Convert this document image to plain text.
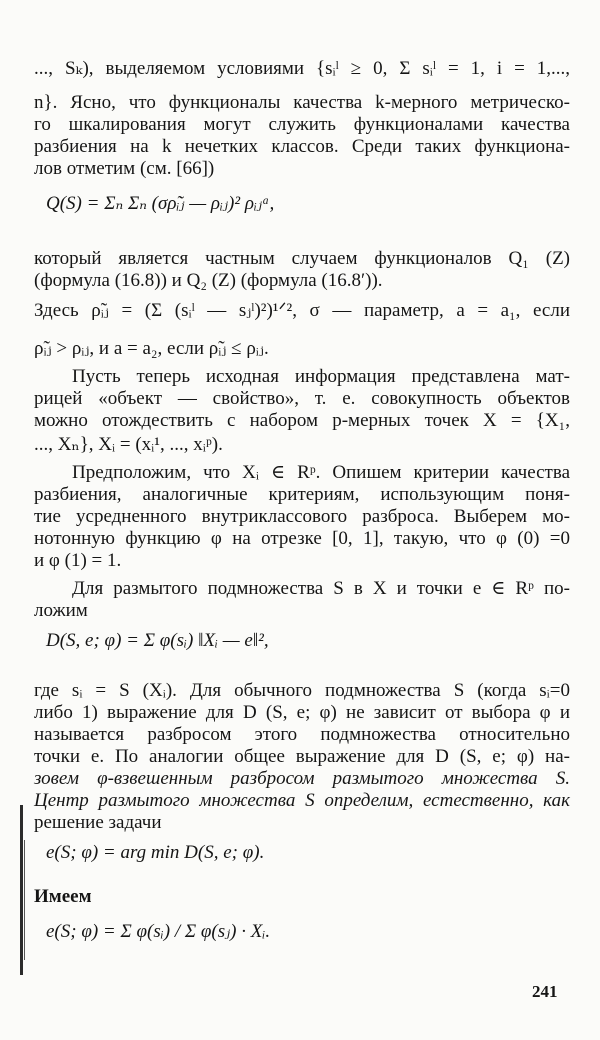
..., Sₖ), выделяемом условиями {sᵢˡ ≥ 0, Σ sᵢˡ = 1, i = 1,...,
n}. Ясно, что функционалы качества k-мерного метрическо-
го шкалирования могут служить функционалами качества
разбиения на k нечетких классов. Среди таких функциона-
лов отметим (см. [66])
Q(S) = Σₙ Σₙ (σρ̃ᵢⱼ — ρᵢⱼ)² ρᵢⱼᵃ,
который является частным случаем функционалов Q₁ (Z)
(формула (16.8)) и Q₂ (Z) (формула (16.8′)).
Здесь ρ̃ᵢⱼ = (Σ (sᵢˡ — sⱼˡ)²)¹ᐟ², σ — параметр, a = a₁, если
ρ̃ᵢⱼ > ρᵢⱼ, и a = a₂, если ρ̃ᵢⱼ ≤ ρᵢⱼ.
Пусть теперь исходная информация представлена мат-
рицей «объект — свойство», т. е. совокупность объектов
можно отождествить с набором p-мерных точек X = {X₁,
..., Xₙ}, Xᵢ = (xᵢ¹, ..., xᵢᵖ).
Предположим, что Xᵢ ∈ Rᵖ. Опишем критерии качества
разбиения, аналогичные критериям, использующим поня-
тие усредненного внутриклассового разброса. Выберем мо-
нотонную функцию φ на отрезке [0, 1], такую, что φ (0) =0
и φ (1) = 1.
Для размытого подмножества S в X и точки e ∈ Rᵖ по-
ложим
D(S, e; φ) = Σ φ(sᵢ) ‖Xᵢ — e‖²,
где sᵢ = S (Xᵢ). Для обычного подмножества S (когда sᵢ=0
либо 1) выражение для D (S, e; φ) не зависит от выбора φ и
называется разбросом этого подмножества относительно
точки e. По аналогии общее выражение для D (S, e; φ) на-
зовем φ-взвешенным разбросом размытого множества S.
Центр размытого множества S определим, естественно, как
решение задачи
e(S; φ) = arg min D(S, e; φ).
Имеем
e(S; φ) = Σ φ(sᵢ) / Σ φ(sⱼ) · Xᵢ.
241
